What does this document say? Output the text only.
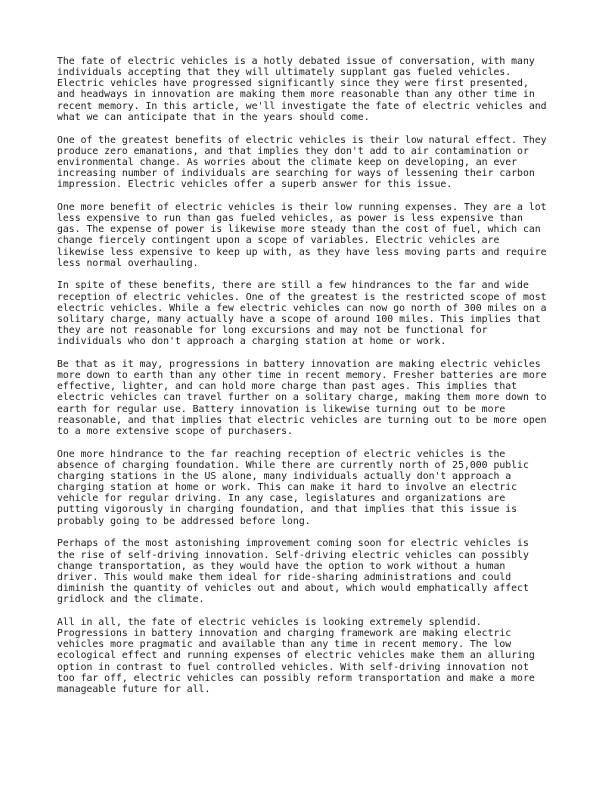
The fate of electric vehicles is a hotly debated issue of conversation, with many
individuals accepting that they will ultimately supplant gas fueled vehicles.
Electric vehicles have progressed significantly since they were first presented,
and headways in innovation are making them more reasonable than any other time in
recent memory. In this article, we'll investigate the fate of electric vehicles and
what we can anticipate that in the years should come.
One of the greatest benefits of electric vehicles is their low natural effect. They
produce zero emanations, and that implies they don't add to air contamination or
environmental change. As worries about the climate keep on developing, an ever
increasing number of individuals are searching for ways of lessening their carbon
impression. Electric vehicles offer a superb answer for this issue.
One more benefit of electric vehicles is their low running expenses. They are a lot
less expensive to run than gas fueled vehicles, as power is less expensive than
gas. The expense of power is likewise more steady than the cost of fuel, which can
change fiercely contingent upon a scope of variables. Electric vehicles are
likewise less expensive to keep up with, as they have less moving parts and require
less normal overhauling.
In spite of these benefits, there are still a few hindrances to the far and wide
reception of electric vehicles. One of the greatest is the restricted scope of most
electric vehicles. While a few electric vehicles can now go north of 300 miles on a
solitary charge, many actually have a scope of around 100 miles. This implies that
they are not reasonable for long excursions and may not be functional for
individuals who don't approach a charging station at home or work.
Be that as it may, progressions in battery innovation are making electric vehicles
more down to earth than any other time in recent memory. Fresher batteries are more
effective, lighter, and can hold more charge than past ages. This implies that
electric vehicles can travel further on a solitary charge, making them more down to
earth for regular use. Battery innovation is likewise turning out to be more
reasonable, and that implies that electric vehicles are turning out to be more open
to a more extensive scope of purchasers.
One more hindrance to the far reaching reception of electric vehicles is the
absence of charging foundation. While there are currently north of 25,000 public
charging stations in the US alone, many individuals actually don't approach a
charging station at home or work. This can make it hard to involve an electric
vehicle for regular driving. In any case, legislatures and organizations are
putting vigorously in charging foundation, and that implies that this issue is
probably going to be addressed before long.
Perhaps of the most astonishing improvement coming soon for electric vehicles is
the rise of self-driving innovation. Self-driving electric vehicles can possibly
change transportation, as they would have the option to work without a human
driver. This would make them ideal for ride-sharing administrations and could
diminish the quantity of vehicles out and about, which would emphatically affect
gridlock and the climate.
All in all, the fate of electric vehicles is looking extremely splendid.
Progressions in battery innovation and charging framework are making electric
vehicles more pragmatic and available than any time in recent memory. The low
ecological effect and running expenses of electric vehicles make them an alluring
option in contrast to fuel controlled vehicles. With self-driving innovation not
too far off, electric vehicles can possibly reform transportation and make a more
manageable future for all.
